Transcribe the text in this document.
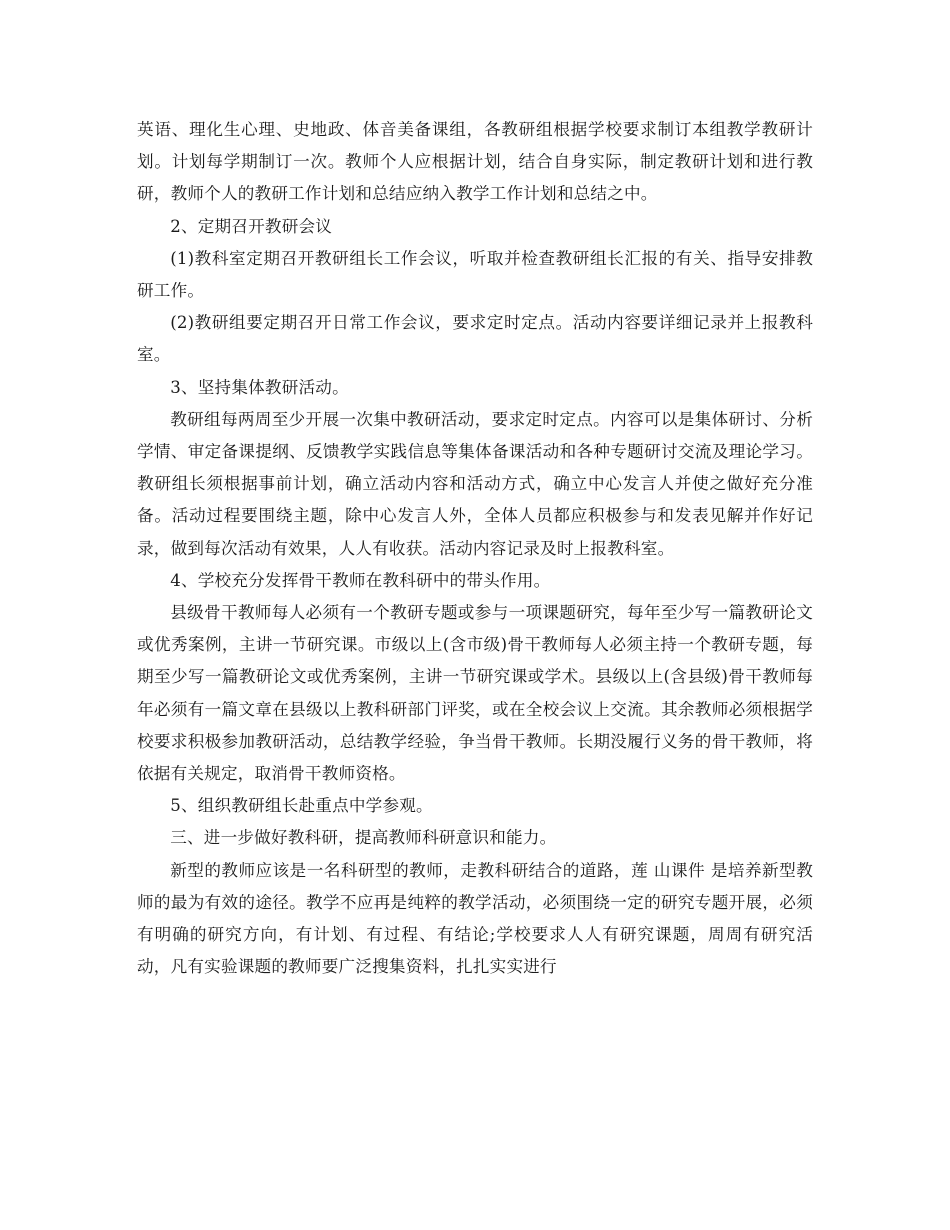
英语、理化生心理、史地政、体音美备课组，各教研组根据学校要求制订本组教学教研计划。计划每学期制订一次。教师个人应根据计划，结合自身实际，制定教研计划和进行教研，教师个人的教研工作计划和总结应纳入教学工作计划和总结之中。

2、定期召开教研会议

(1)教科室定期召开教研组长工作会议，听取并检查教研组长汇报的有关、指导安排教研工作。

(2)教研组要定期召开日常工作会议，要求定时定点。活动内容要详细记录并上报教科室。

3、坚持集体教研活动。

教研组每两周至少开展一次集中教研活动，要求定时定点。内容可以是集体研讨、分析学情、审定备课提纲、反馈教学实践信息等集体备课活动和各种专题研讨交流及理论学习。教研组长须根据事前计划，确立活动内容和活动方式，确立中心发言人并使之做好充分准备。活动过程要围绕主题，除中心发言人外，全体人员都应积极参与和发表见解并作好记录，做到每次活动有效果，人人有收获。活动内容记录及时上报教科室。

4、学校充分发挥骨干教师在教科研中的带头作用。

县级骨干教师每人必须有一个教研专题或参与一项课题研究，每年至少写一篇教研论文或优秀案例，主讲一节研究课。市级以上(含市级)骨干教师每人必须主持一个教研专题，每期至少写一篇教研论文或优秀案例，主讲一节研究课或学术。县级以上(含县级)骨干教师每年必须有一篇文章在县级以上教科研部门评奖，或在全校会议上交流。其余教师必须根据学校要求积极参加教研活动，总结教学经验，争当骨干教师。长期没履行义务的骨干教师，将依据有关规定，取消骨干教师资格。

5、组织教研组长赴重点中学参观。

三、进一步做好教科研，提高教师科研意识和能力。

新型的教师应该是一名科研型的教师，走教科研结合的道路，莲 山课件 是培养新型教师的最为有效的途径。教学不应再是纯粹的教学活动，必须围绕一定的研究专题开展，必须有明确的研究方向，有计划、有过程、有结论;学校要求人人有研究课题，周周有研究活动，凡有实验课题的教师要广泛搜集资料，扎扎实实进行
